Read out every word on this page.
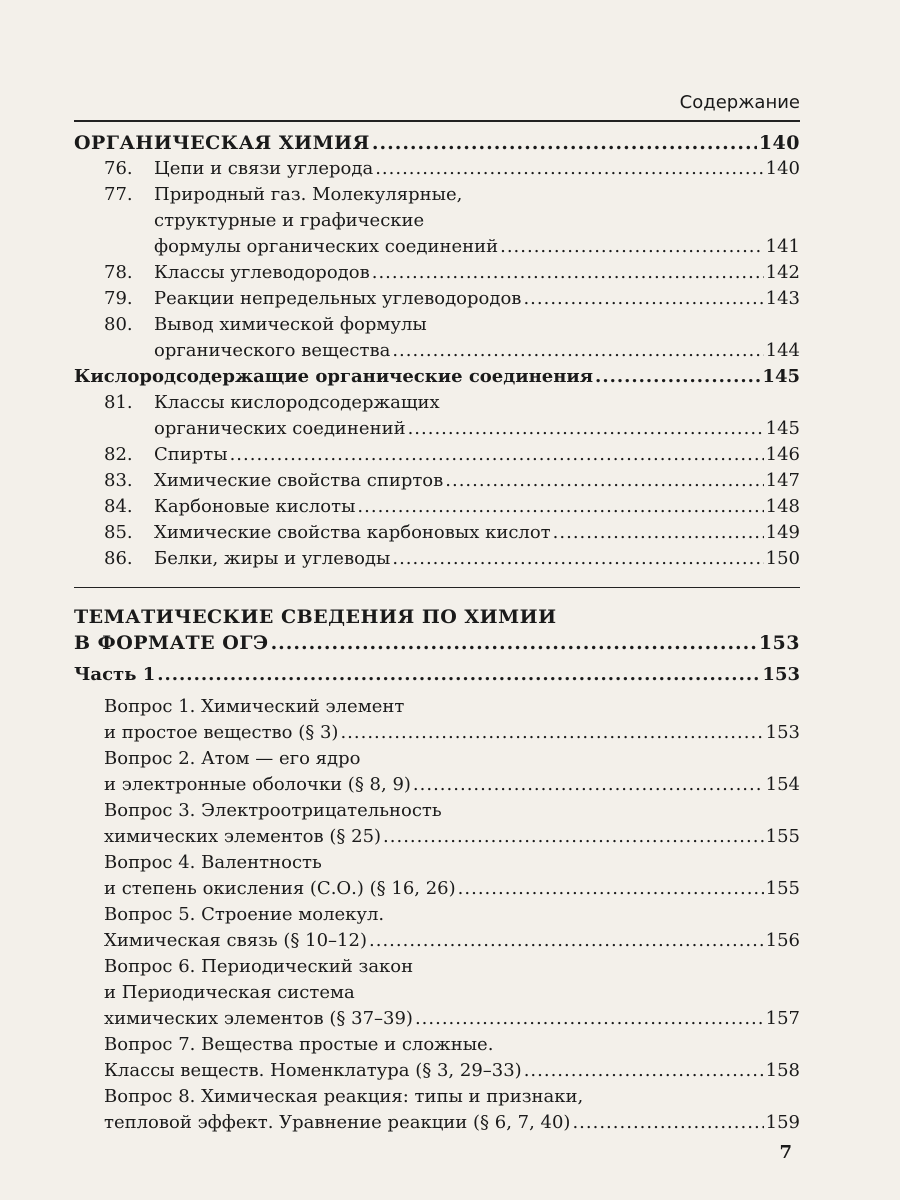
Содержание
ОРГАНИЧЕСКАЯ ХИМИЯ .....	140
76.	Цепи и связи углерода .....	140
77.	Природный газ. Молекулярные,
структурные и графические
формулы органических соединений .....	141
78.	Классы углеводородов .....	142
79.	Реакции непредельных углеводородов .....	143
80.	Вывод химической формулы
органического вещества .....	144
Кислородсодержащие органические соединения .....	145
81.	Классы кислородсодержащих
органических соединений .....	145
82.	Спирты .....	146
83.	Химические свойства спиртов .....	147
84.	Карбоновые кислоты .....	148
85.	Химические свойства карбоновых кислот .....	149
86.	Белки, жиры и углеводы .....	150
ТЕМАТИЧЕСКИЕ СВЕДЕНИЯ ПО ХИМИИ
В ФОРМАТЕ ОГЭ .....	153
Часть 1 .....	153
Вопрос 1. Химический элемент
и простое вещество (§ 3) .....	153
Вопрос 2. Атом — его ядро
и электронные оболочки (§ 8, 9) .....	154
Вопрос 3. Электроотрицательность
химических элементов (§ 25) .....	155
Вопрос 4. Валентность
и степень окисления (С.О.) (§ 16, 26) .....	155
Вопрос 5. Строение молекул.
Химическая связь (§ 10–12) .....	156
Вопрос 6. Периодический закон
и Периодическая система
химических элементов (§ 37–39) .....	157
Вопрос 7. Вещества простые и сложные.
Классы веществ. Номенклатура (§ 3, 29–33) .....	158
Вопрос 8. Химическая реакция: типы и признаки,
тепловой эффект. Уравнение реакции (§ 6, 7, 40) .....	159
7
